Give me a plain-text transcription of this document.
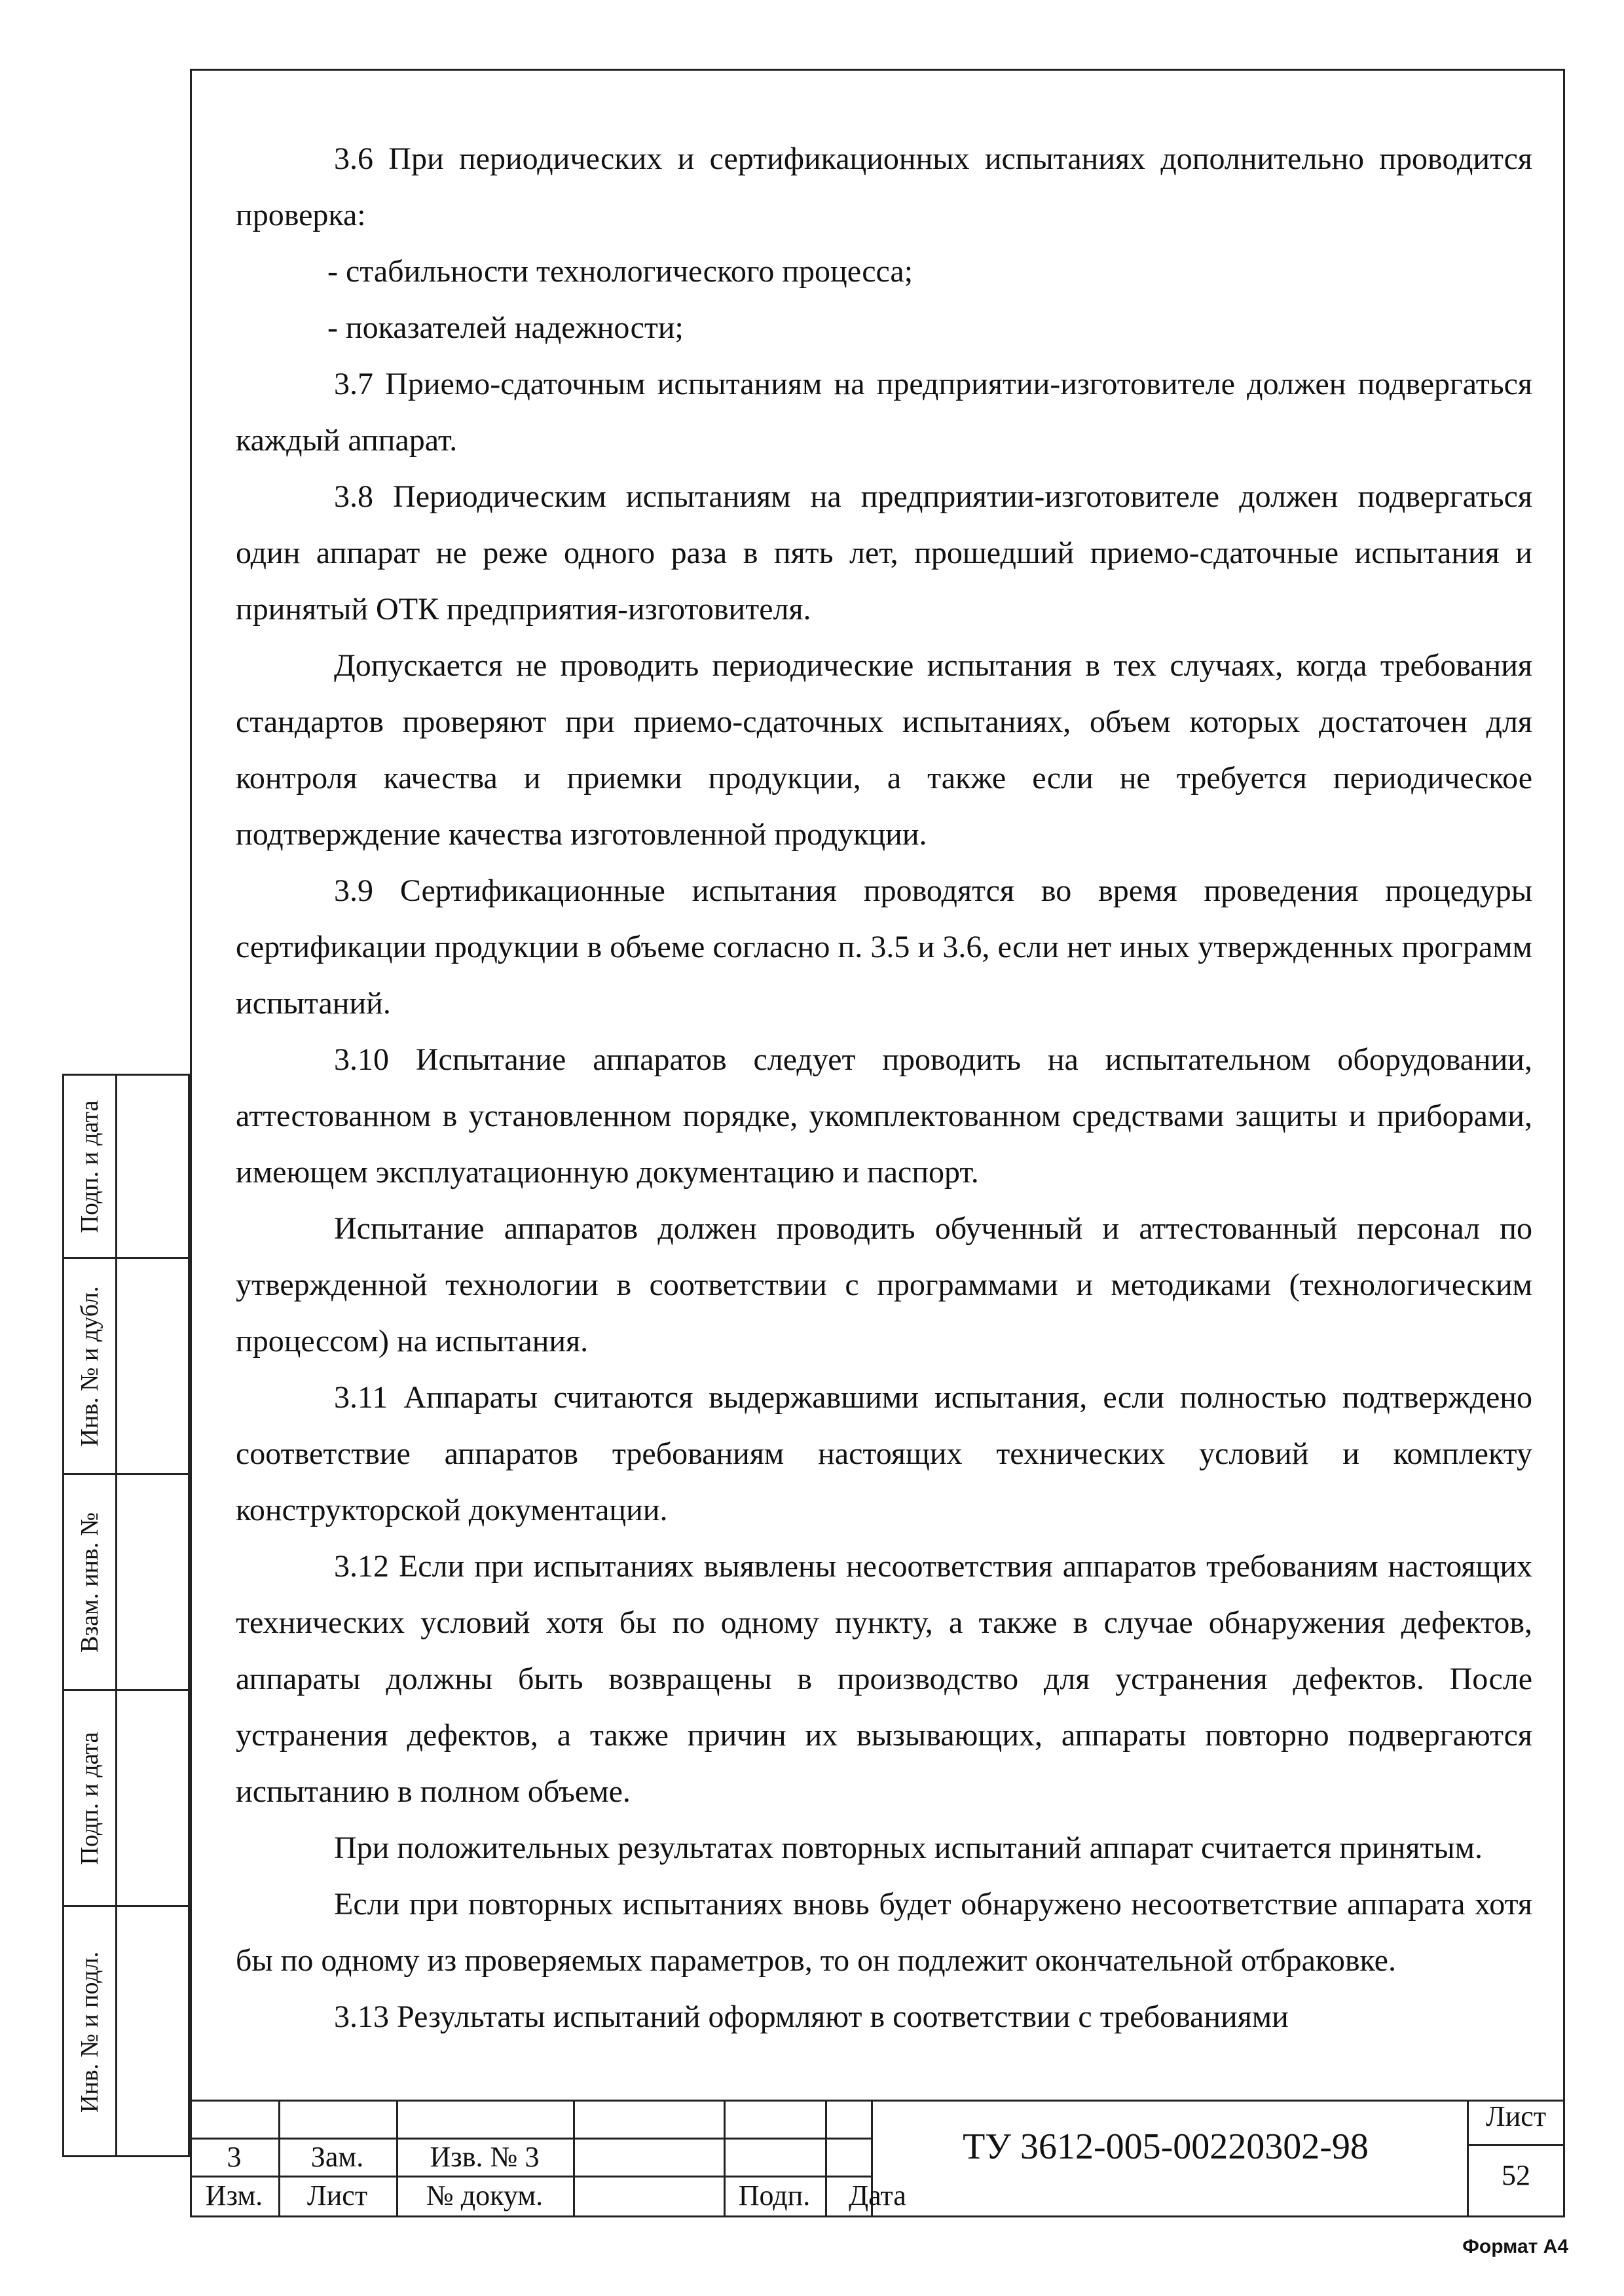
3.6 При периодических и сертификационных испытаниях дополнительно проводится проверка:

- стабильности технологического процесса;

- показателей надежности;

3.7 Приемо-сдаточным испытаниям на предприятии-изготовителе должен подвергаться каждый аппарат.

3.8 Периодическим испытаниям на предприятии-изготовителе должен подвергаться один аппарат не реже одного раза в пять лет, прошедший приемо-сдаточные испытания и принятый ОТК предприятия-изготовителя.

Допускается не проводить периодические испытания в тех случаях, когда требования стандартов проверяют при приемо-сдаточных испытаниях, объем которых достаточен для контроля качества и приемки продукции, а также если не требуется периодическое подтверждение качества изготовленной продукции.

3.9 Сертификационные испытания проводятся во время проведения процедуры сертификации продукции в объеме согласно п. 3.5 и 3.6, если нет иных утвержденных программ испытаний.

3.10 Испытание аппаратов следует проводить на испытательном оборудовании, аттестованном в установленном порядке, укомплектованном средствами защиты и приборами, имеющем эксплуатационную документацию и паспорт.

Испытание аппаратов должен проводить обученный и аттестованный персонал по утвержденной технологии в соответствии с программами и методиками (технологическим процессом) на испытания.

3.11 Аппараты считаются выдержавшими испытания, если полностью подтверждено соответствие аппаратов требованиям настоящих технических условий и комплекту конструкторской документации.

3.12 Если при испытаниях выявлены несоответствия аппаратов требованиям настоящих технических условий хотя бы по одному пункту, а также в случае обнаружения дефектов, аппараты должны быть возвращены в производство для устранения дефектов. После устранения дефектов, а также причин их вызывающих, аппараты повторно подвергаются испытанию в полном объеме.

При положительных результатах повторных испытаний аппарат считается принятым.

Если при повторных испытаниях вновь будет обнаружено несоответствие аппарата хотя бы по одному из проверяемых параметров, то он подлежит окончательной отбраковке.

3.13 Результаты испытаний оформляют в соответствии с требованиями

Подп. и дата
Инв. № и дубл.
Взам. инв. №
Подп. и дата
Инв. № и подл.
3	Зам.	Изв. № 3
Изм.	Лист	№ докум.	Подп.	Дата
ТУ 3612-005-00220302-98
Лист
52
Формат А4
